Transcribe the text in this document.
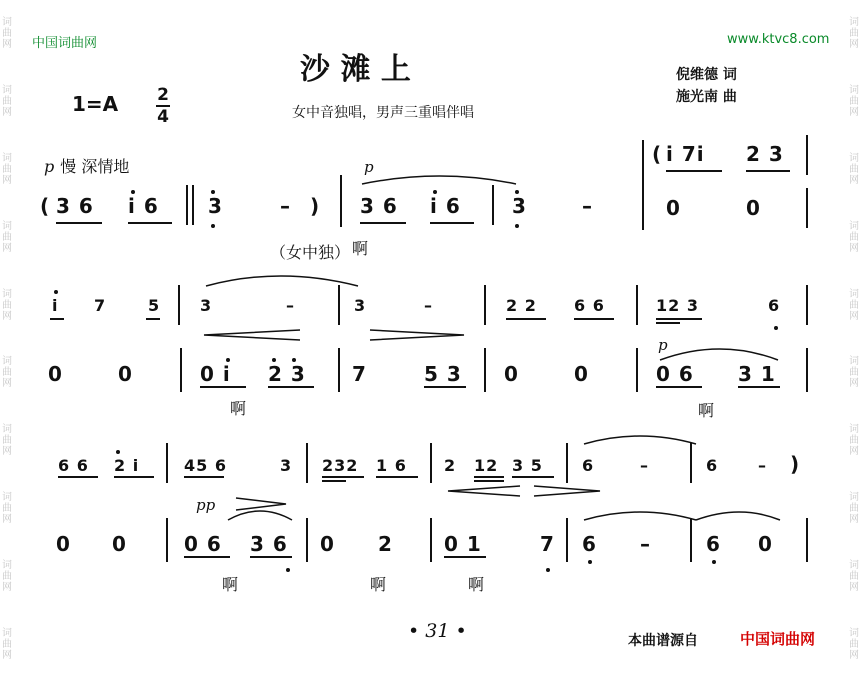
词
曲
网
词
曲
网
词
曲
网
词
曲
网
词
曲
网
词
曲
网
词
曲
网
词
曲
网
词
曲
网
词
曲
网
词
曲
网
词
曲
网
词
曲
网
词
曲
网
词
曲
网
词
曲
网
词
曲
网
词
曲
网
词
曲
网
词
曲
网
中国词曲网	www.ktvc8.com
沙 滩 上	倪维德 词
施光南 曲
1=A 2
4	女中音独唱，男声三重唱伴唱
p 慢 深情地
( 3 6 i 6 3	– )
p
3 6 i 6	3	–
( i 7i 2 3
0	0
（女中独） 啊
i 7	5 3	–	3	–	2 2 6 6	12 3	6
0	0	0 i 2 3 7	5 3 0	0
p
0 6 3 1
啊	啊
6 6 2 i	45 6	3 232 1 6 2 12 3 5 6	–	6 – )
0 0	0 6 3 6 0 2	0 1	7 6 –	6 0
pp
啊	啊	啊
• 31 •	本曲谱源自	中国词曲网
